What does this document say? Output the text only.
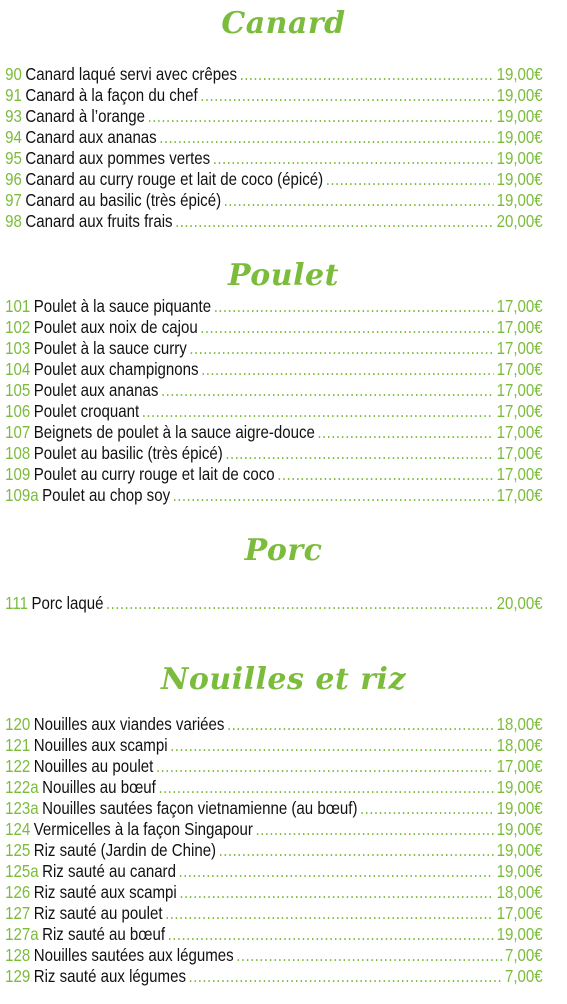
Canard
90 Canard laqué servi avec crêpes .....	19,00€
91 Canard à la façon du chef .....	19,00€
93 Canard à l’orange .....	19,00€
94 Canard aux ananas .....	19,00€
95 Canard aux pommes vertes .....	19,00€
96 Canard au curry rouge et lait de coco (épicé) .....	19,00€
97 Canard au basilic (très épicé) .....	19,00€
98 Canard aux fruits frais .....	20,00€
Poulet
101 Poulet à la sauce piquante .....	17,00€
102 Poulet aux noix de cajou .....	17,00€
103 Poulet à la sauce curry .....	17,00€
104 Poulet aux champignons .....	17,00€
105 Poulet aux ananas .....	17,00€
106 Poulet croquant .....	17,00€
107 Beignets de poulet à la sauce aigre-douce .....	17,00€
108 Poulet au basilic (très épicé) .....	17,00€
109 Poulet au curry rouge et lait de coco .....	17,00€
109a Poulet au chop soy .....	17,00€
Porc
111 Porc laqué .....	20,00€
Nouilles et riz
120 Nouilles aux viandes variées .....	18,00€
121 Nouilles aux scampi .....	18,00€
122 Nouilles au poulet .....	17,00€
122a Nouilles au bœuf .....	19,00€
123a Nouilles sautées façon vietnamienne (au bœuf) .....	19,00€
124 Vermicelles à la façon Singapour .....	19,00€
125 Riz sauté (Jardin de Chine) .....	19,00€
125a Riz sauté au canard .....	19,00€
126 Riz sauté aux scampi .....	18,00€
127 Riz sauté au poulet .....	17,00€
127a Riz sauté au bœuf .....	19,00€
128 Nouilles sautées aux légumes .....	7,00€
129 Riz sauté aux légumes .....	7,00€
